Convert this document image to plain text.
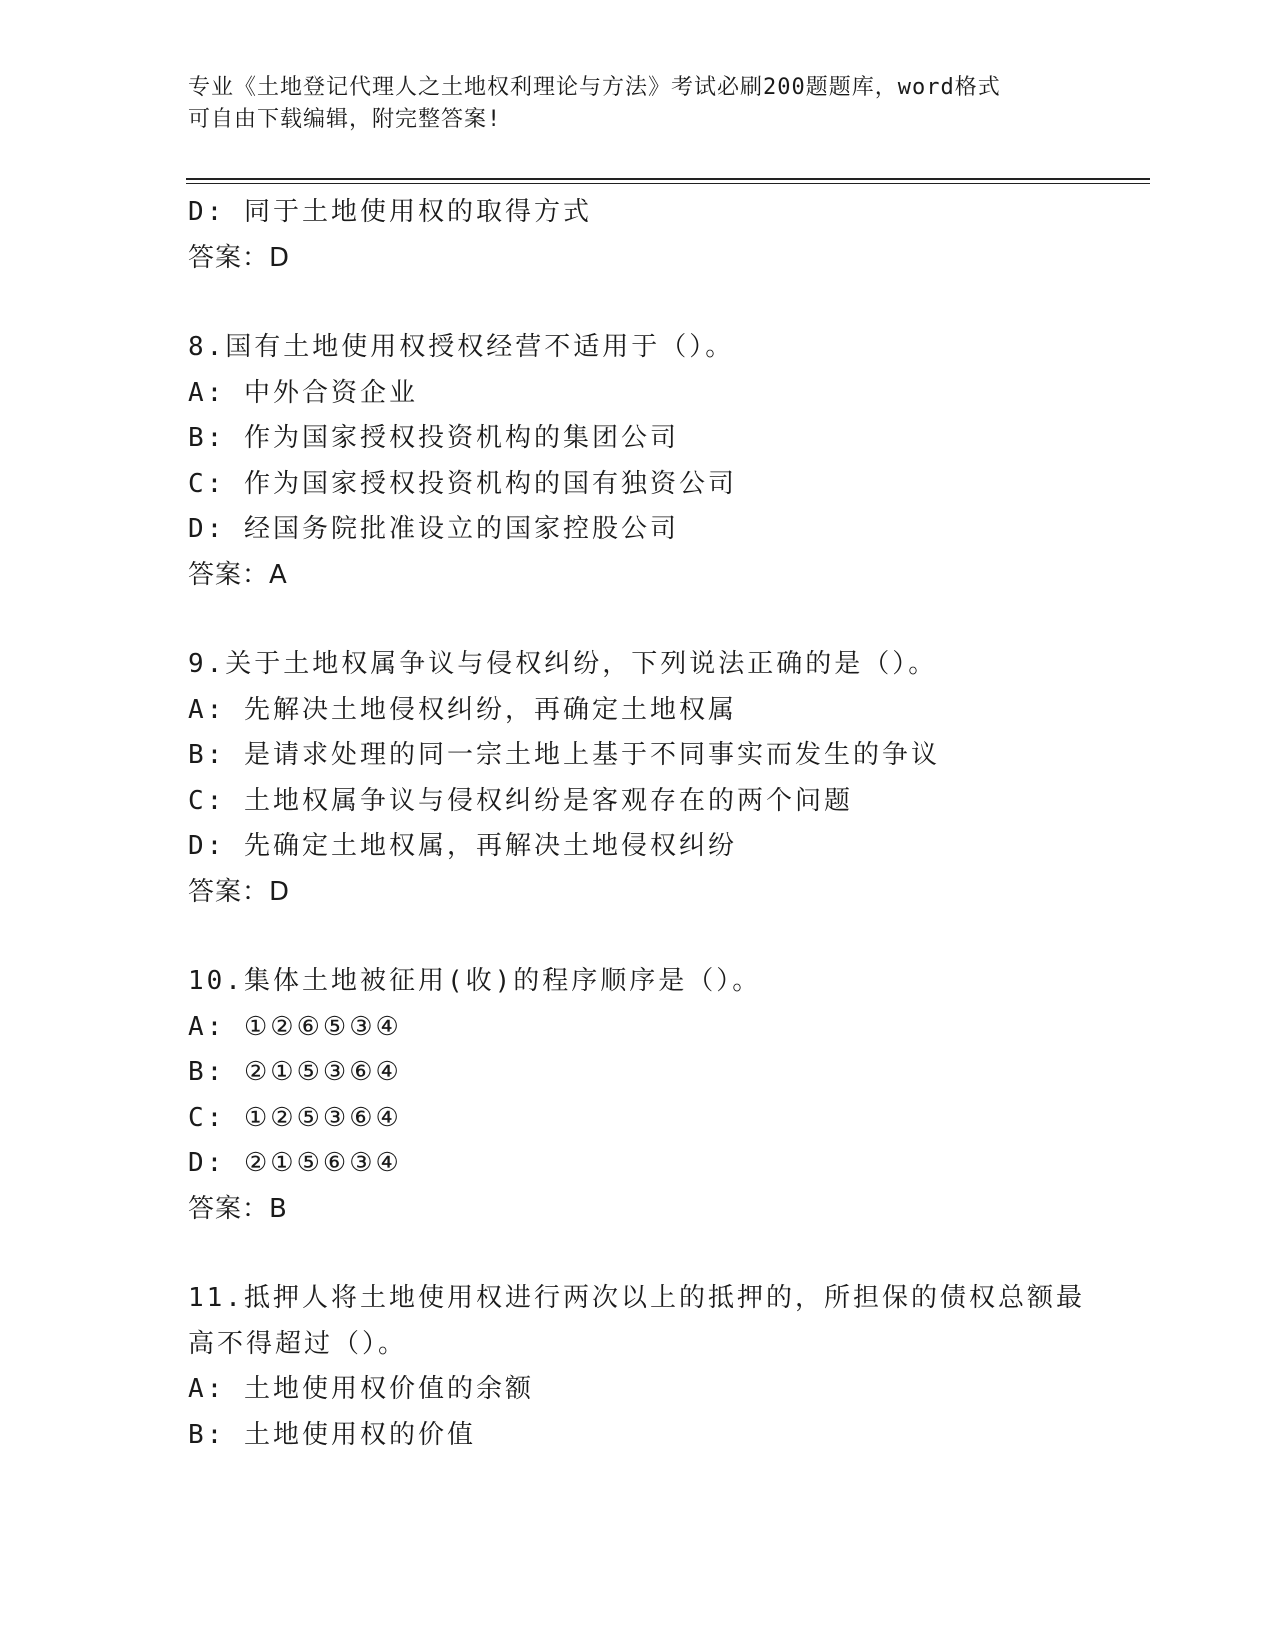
专业《土地登记代理人之土地权利理论与方法》考试必刷200题题库，word格式
可自由下载编辑，附完整答案!
D: 同于土地使用权的取得方式
答案：D
8.国有土地使用权授权经营不适用于（）。
A: 中外合资企业
B: 作为国家授权投资机构的集团公司
C: 作为国家授权投资机构的国有独资公司
D: 经国务院批准设立的国家控股公司
答案：A
9.关于土地权属争议与侵权纠纷，下列说法正确的是（）。
A: 先解决土地侵权纠纷，再确定土地权属
B: 是请求处理的同一宗土地上基于不同事实而发生的争议
C: 土地权属争议与侵权纠纷是客观存在的两个问题
D: 先确定土地权属，再解决土地侵权纠纷
答案：D
10.集体土地被征用(收)的程序顺序是（）。
A: ①②⑥⑤③④
B: ②①⑤③⑥④
C: ①②⑤③⑥④
D: ②①⑤⑥③④
答案：B
11.抵押人将土地使用权进行两次以上的抵押的，所担保的债权总额最
高不得超过（）。
A: 土地使用权价值的余额
B: 土地使用权的价值
